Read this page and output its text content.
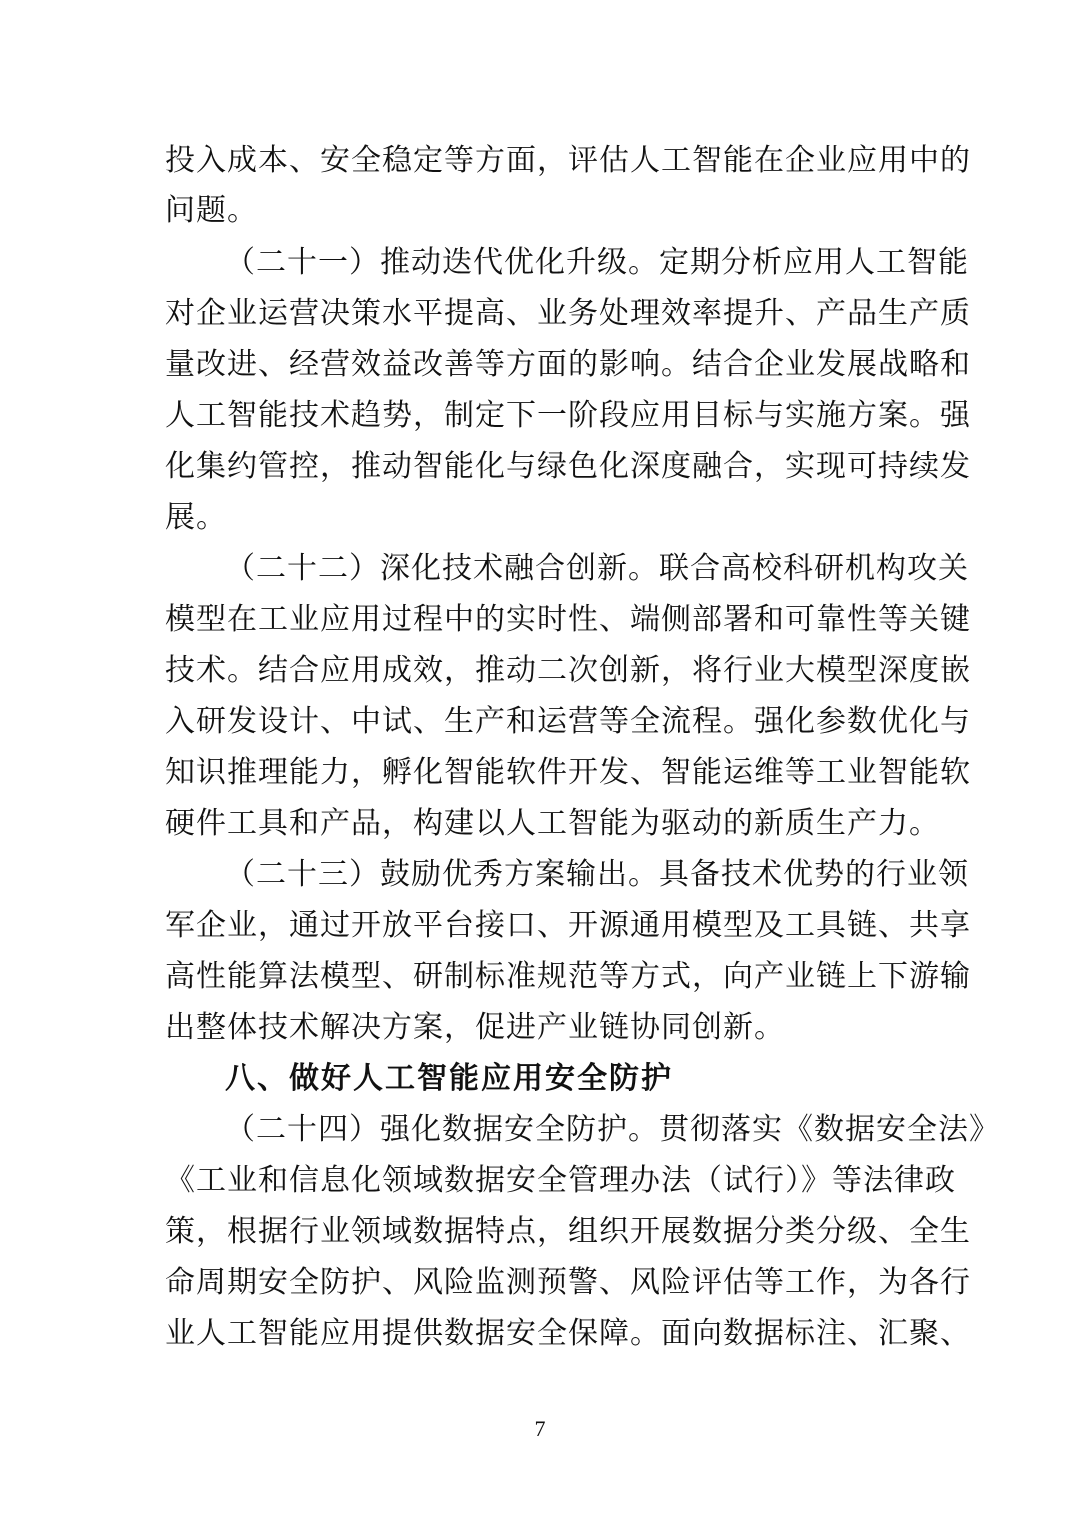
投入成本、安全稳定等方面，评估人工智能在企业应用中的
问题。
（二十一）推动迭代优化升级。定期分析应用人工智能
对企业运营决策水平提高、业务处理效率提升、产品生产质
量改进、经营效益改善等方面的影响。结合企业发展战略和
人工智能技术趋势，制定下一阶段应用目标与实施方案。强
化集约管控，推动智能化与绿色化深度融合，实现可持续发
展。
（二十二）深化技术融合创新。联合高校科研机构攻关
模型在工业应用过程中的实时性、端侧部署和可靠性等关键
技术。结合应用成效，推动二次创新，将行业大模型深度嵌
入研发设计、中试、生产和运营等全流程。强化参数优化与
知识推理能力，孵化智能软件开发、智能运维等工业智能软
硬件工具和产品，构建以人工智能为驱动的新质生产力。
（二十三）鼓励优秀方案输出。具备技术优势的行业领
军企业，通过开放平台接口、开源通用模型及工具链、共享
高性能算法模型、研制标准规范等方式，向产业链上下游输
出整体技术解决方案，促进产业链协同创新。
八、做好人工智能应用安全防护
（二十四）强化数据安全防护。贯彻落实《数据安全法》
《工业和信息化领域数据安全管理办法（试行）》等法律政
策，根据行业领域数据特点，组织开展数据分类分级、全生
命周期安全防护、风险监测预警、风险评估等工作，为各行
业人工智能应用提供数据安全保障。面向数据标注、汇聚、
7
